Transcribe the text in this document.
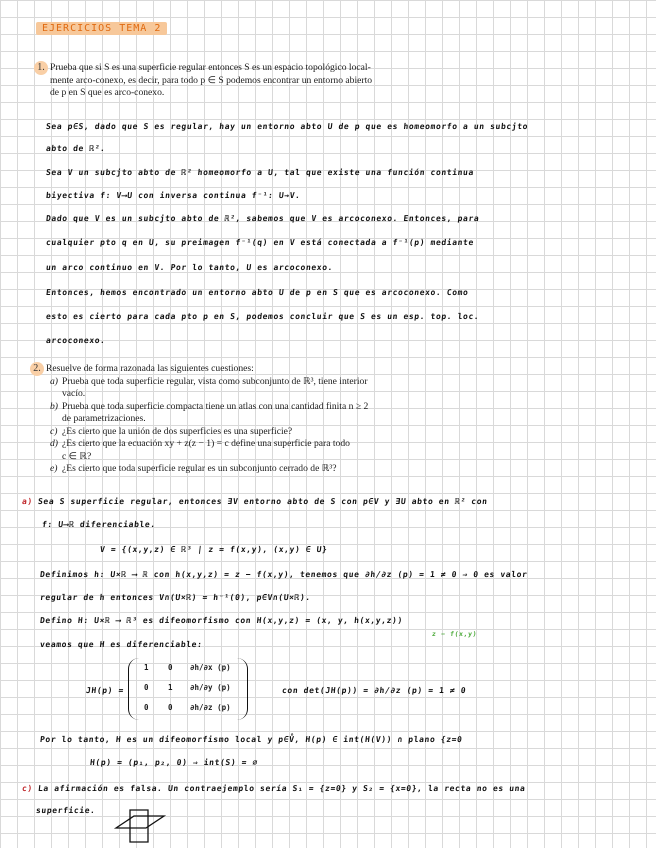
EJERCICIOS TEMA 2
1. Prueba que si S es una superficie regular entonces S es un espacio topológico local-

mente arco-conexo, es decir, para todo p ∈ S podemos encontrar un entorno abierto

de p en S que es arco-conexo.

Sea p∈S, dado que S es regular, hay un entorno abto U de p que es homeomorfo a un subcjto
abto de ℝ².
Sea V un subcjto abto de ℝ² homeomorfo a U, tal que existe una función continua
biyectiva f: V⟶U con inversa continua f⁻¹: U→V.
Dado que V es un subcjto abto de ℝ², sabemos que V es arcoconexo. Entonces, para
cualquier pto q en U, su preimagen f⁻¹(q) en V está conectada a f⁻¹(p) mediante
un arco continuo en V. Por lo tanto, U es arcoconexo.
Entonces, hemos encontrado un entorno abto U de p en S que es arcoconexo. Como
esto es cierto para cada pto p en S, podemos concluir que S es un esp. top. loc.
arcoconexo.
2. Resuelve de forma razonada las siguientes cuestiones:

a) Prueba que toda superficie regular, vista como subconjunto de ℝ³, tiene interior
vacío.
b) Prueba que toda superficie compacta tiene un atlas con una cantidad finita n ≥ 2
de parametrizaciones.
c) ¿Es cierto que la unión de dos superficies es una superficie?
d) ¿Es cierto que la ecuación xy + z(z − 1) = c define una superficie para todo
c ∈ ℝ?
e) ¿Es cierto que toda superficie regular es un subconjunto cerrado de ℝ³?
a) Sea S superficie regular, entonces ∃V entorno abto de S con p∈V y ∃U abto en ℝ² con
f: U⟶ℝ diferenciable.
V = {(x,y,z) ∈ ℝ³ | z = f(x,y), (x,y) ∈ U}
Definimos h: U×ℝ ⟶ ℝ con h(x,y,z) = z − f(x,y), tenemos que ∂h/∂z (p) = 1 ≠ 0 ⇒ 0 es valor
regular de h entonces V∩(U×ℝ) = h⁻¹(0), p∈V∩(U×ℝ).
Defino H: U×ℝ ⟶ ℝ³ es difeomorfismo con H(x,y,z) = (x, y, h(x,y,z))
z − f(x,y)
veamos que H es diferenciable:
JH(p) =
1	0 ∂h/∂x (p)
0	1 ∂h/∂y (p)
0	0 ∂h/∂z (p)
con det(JH(p)) = ∂h/∂z (p) = 1 ≠ 0
Por lo tanto, H es un difeomorfismo local y p∈V̊, H(p) ∈ int(H(V)) ∩ plano {z=0
H(p) = (p₁, p₂, 0) ⇒ int(S) = ∅
c) La afirmación es falsa. Un contraejemplo sería S₁ = {z=0} y S₂ = {x=0}, la recta no es una
superficie.
